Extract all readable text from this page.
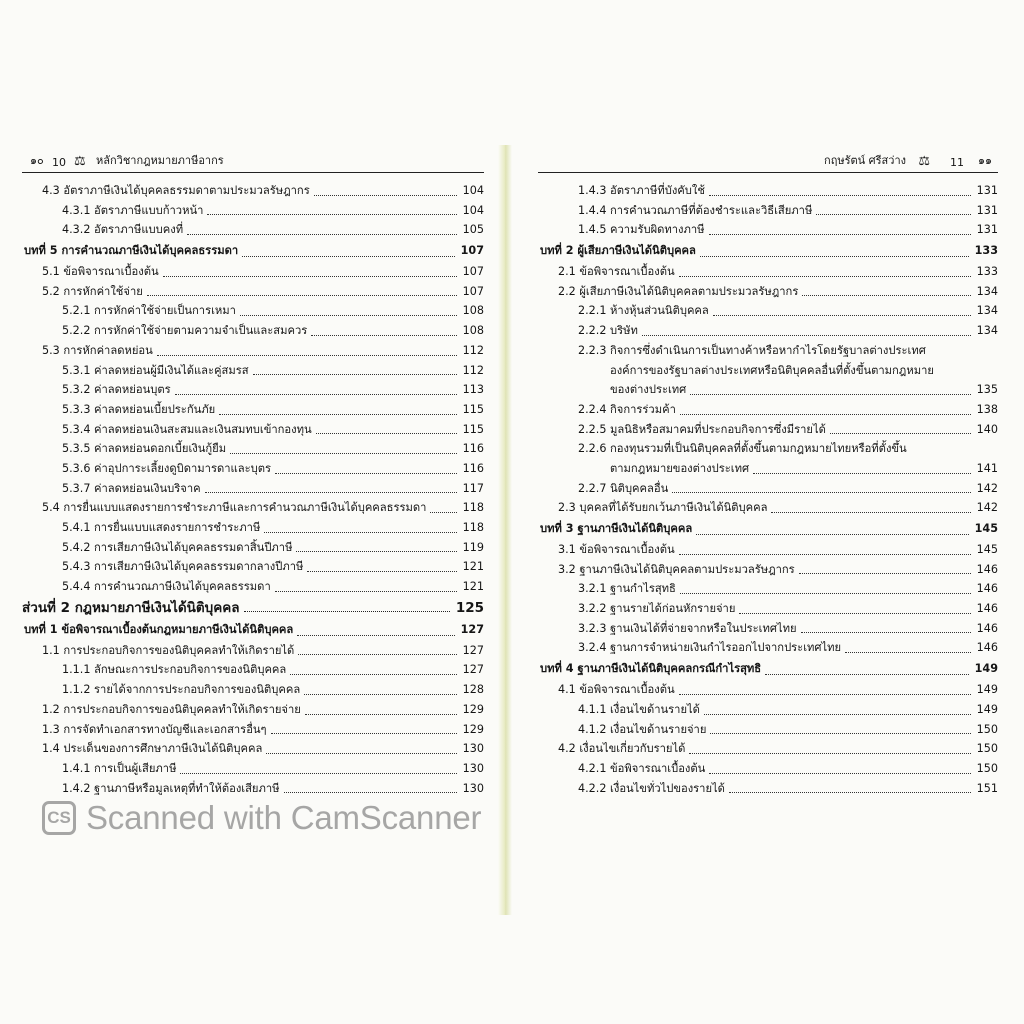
๑๐ 10 ⚖ หลักวิชากฎหมายภาษีอากร
4.3 อัตราภาษีเงินได้บุคคลธรรมดาตามประมวลรัษฎากร	104
4.3.1 อัตราภาษีแบบก้าวหน้า	104
4.3.2 อัตราภาษีแบบคงที่	105
บทที่ 5 การคำนวณภาษีเงินได้บุคคลธรรมดา	107
5.1 ข้อพิจารณาเบื้องต้น	107
5.2 การหักค่าใช้จ่าย	107
5.2.1 การหักค่าใช้จ่ายเป็นการเหมา	108
5.2.2 การหักค่าใช้จ่ายตามความจำเป็นและสมควร	108
5.3 การหักค่าลดหย่อน	112
5.3.1 ค่าลดหย่อนผู้มีเงินได้และคู่สมรส	112
5.3.2 ค่าลดหย่อนบุตร	113
5.3.3 ค่าลดหย่อนเบี้ยประกันภัย	115
5.3.4 ค่าลดหย่อนเงินสะสมและเงินสมทบเข้ากองทุน	115
5.3.5 ค่าลดหย่อนดอกเบี้ยเงินกู้ยืม	116
5.3.6 ค่าอุปการะเลี้ยงดูบิดามารดาและบุตร	116
5.3.7 ค่าลดหย่อนเงินบริจาค	117
5.4 การยื่นแบบแสดงรายการชำระภาษีและการคำนวณภาษีเงินได้บุคคลธรรมดา	118
5.4.1 การยื่นแบบแสดงรายการชำระภาษี	118
5.4.2 การเสียภาษีเงินได้บุคคลธรรมดาสิ้นปีภาษี	119
5.4.3 การเสียภาษีเงินได้บุคคลธรรมดากลางปีภาษี	121
5.4.4 การคำนวณภาษีเงินได้บุคคลธรรมดา	121
ส่วนที่ 2 กฎหมายภาษีเงินได้นิติบุคคล	125
บทที่ 1 ข้อพิจารณาเบื้องต้นกฎหมายภาษีเงินได้นิติบุคคล	127
1.1 การประกอบกิจการของนิติบุคคลทำให้เกิดรายได้	127
1.1.1 ลักษณะการประกอบกิจการของนิติบุคคล	127
1.1.2 รายได้จากการประกอบกิจการของนิติบุคคล	128
1.2 การประกอบกิจการของนิติบุคคลทำให้เกิดรายจ่าย	129
1.3 การจัดทำเอกสารทางบัญชีและเอกสารอื่นๆ	129
1.4 ประเด็นของการศึกษาภาษีเงินได้นิติบุคคล	130
1.4.1 การเป็นผู้เสียภาษี	130
1.4.2 ฐานภาษีหรือมูลเหตุที่ทำให้ต้องเสียภาษี	130
กฤษรัตน์ ศรีสว่าง ⚖ 11 ๑๑
1.4.3 อัตราภาษีที่บังคับใช้	131
1.4.4 การคำนวณภาษีที่ต้องชำระและวิธีเสียภาษี	131
1.4.5 ความรับผิดทางภาษี	131
บทที่ 2 ผู้เสียภาษีเงินได้นิติบุคคล	133
2.1 ข้อพิจารณาเบื้องต้น	133
2.2 ผู้เสียภาษีเงินได้นิติบุคคลตามประมวลรัษฎากร	134
2.2.1 ห้างหุ้นส่วนนิติบุคคล	134
2.2.2 บริษัท	134
2.2.3 กิจการซึ่งดำเนินการเป็นทางค้าหรือหากำไรโดยรัฐบาลต่างประเทศ
องค์การของรัฐบาลต่างประเทศหรือนิติบุคคลอื่นที่ตั้งขึ้นตามกฎหมาย
ของต่างประเทศ	135
2.2.4 กิจการร่วมค้า	138
2.2.5 มูลนิธิหรือสมาคมที่ประกอบกิจการซึ่งมีรายได้	140
2.2.6 กองทุนรวมที่เป็นนิติบุคคลที่ตั้งขึ้นตามกฎหมายไทยหรือที่ตั้งขึ้น
ตามกฎหมายของต่างประเทศ	141
2.2.7 นิติบุคคลอื่น	142
2.3 บุคคลที่ได้รับยกเว้นภาษีเงินได้นิติบุคคล	142
บทที่ 3 ฐานภาษีเงินได้นิติบุคคล	145
3.1 ข้อพิจารณาเบื้องต้น	145
3.2 ฐานภาษีเงินได้นิติบุคคลตามประมวลรัษฎากร	146
3.2.1 ฐานกำไรสุทธิ	146
3.2.2 ฐานรายได้ก่อนหักรายจ่าย	146
3.2.3 ฐานเงินได้ที่จ่ายจากหรือในประเทศไทย	146
3.2.4 ฐานการจำหน่ายเงินกำไรออกไปจากประเทศไทย	146
บทที่ 4 ฐานภาษีเงินได้นิติบุคคลกรณีกำไรสุทธิ	149
4.1 ข้อพิจารณาเบื้องต้น	149
4.1.1 เงื่อนไขด้านรายได้	149
4.1.2 เงื่อนไขด้านรายจ่าย	150
4.2 เงื่อนไขเกี่ยวกับรายได้	150
4.2.1 ข้อพิจารณาเบื้องต้น	150
4.2.2 เงื่อนไขทั่วไปของรายได้	151
CS Scanned with CamScanner
